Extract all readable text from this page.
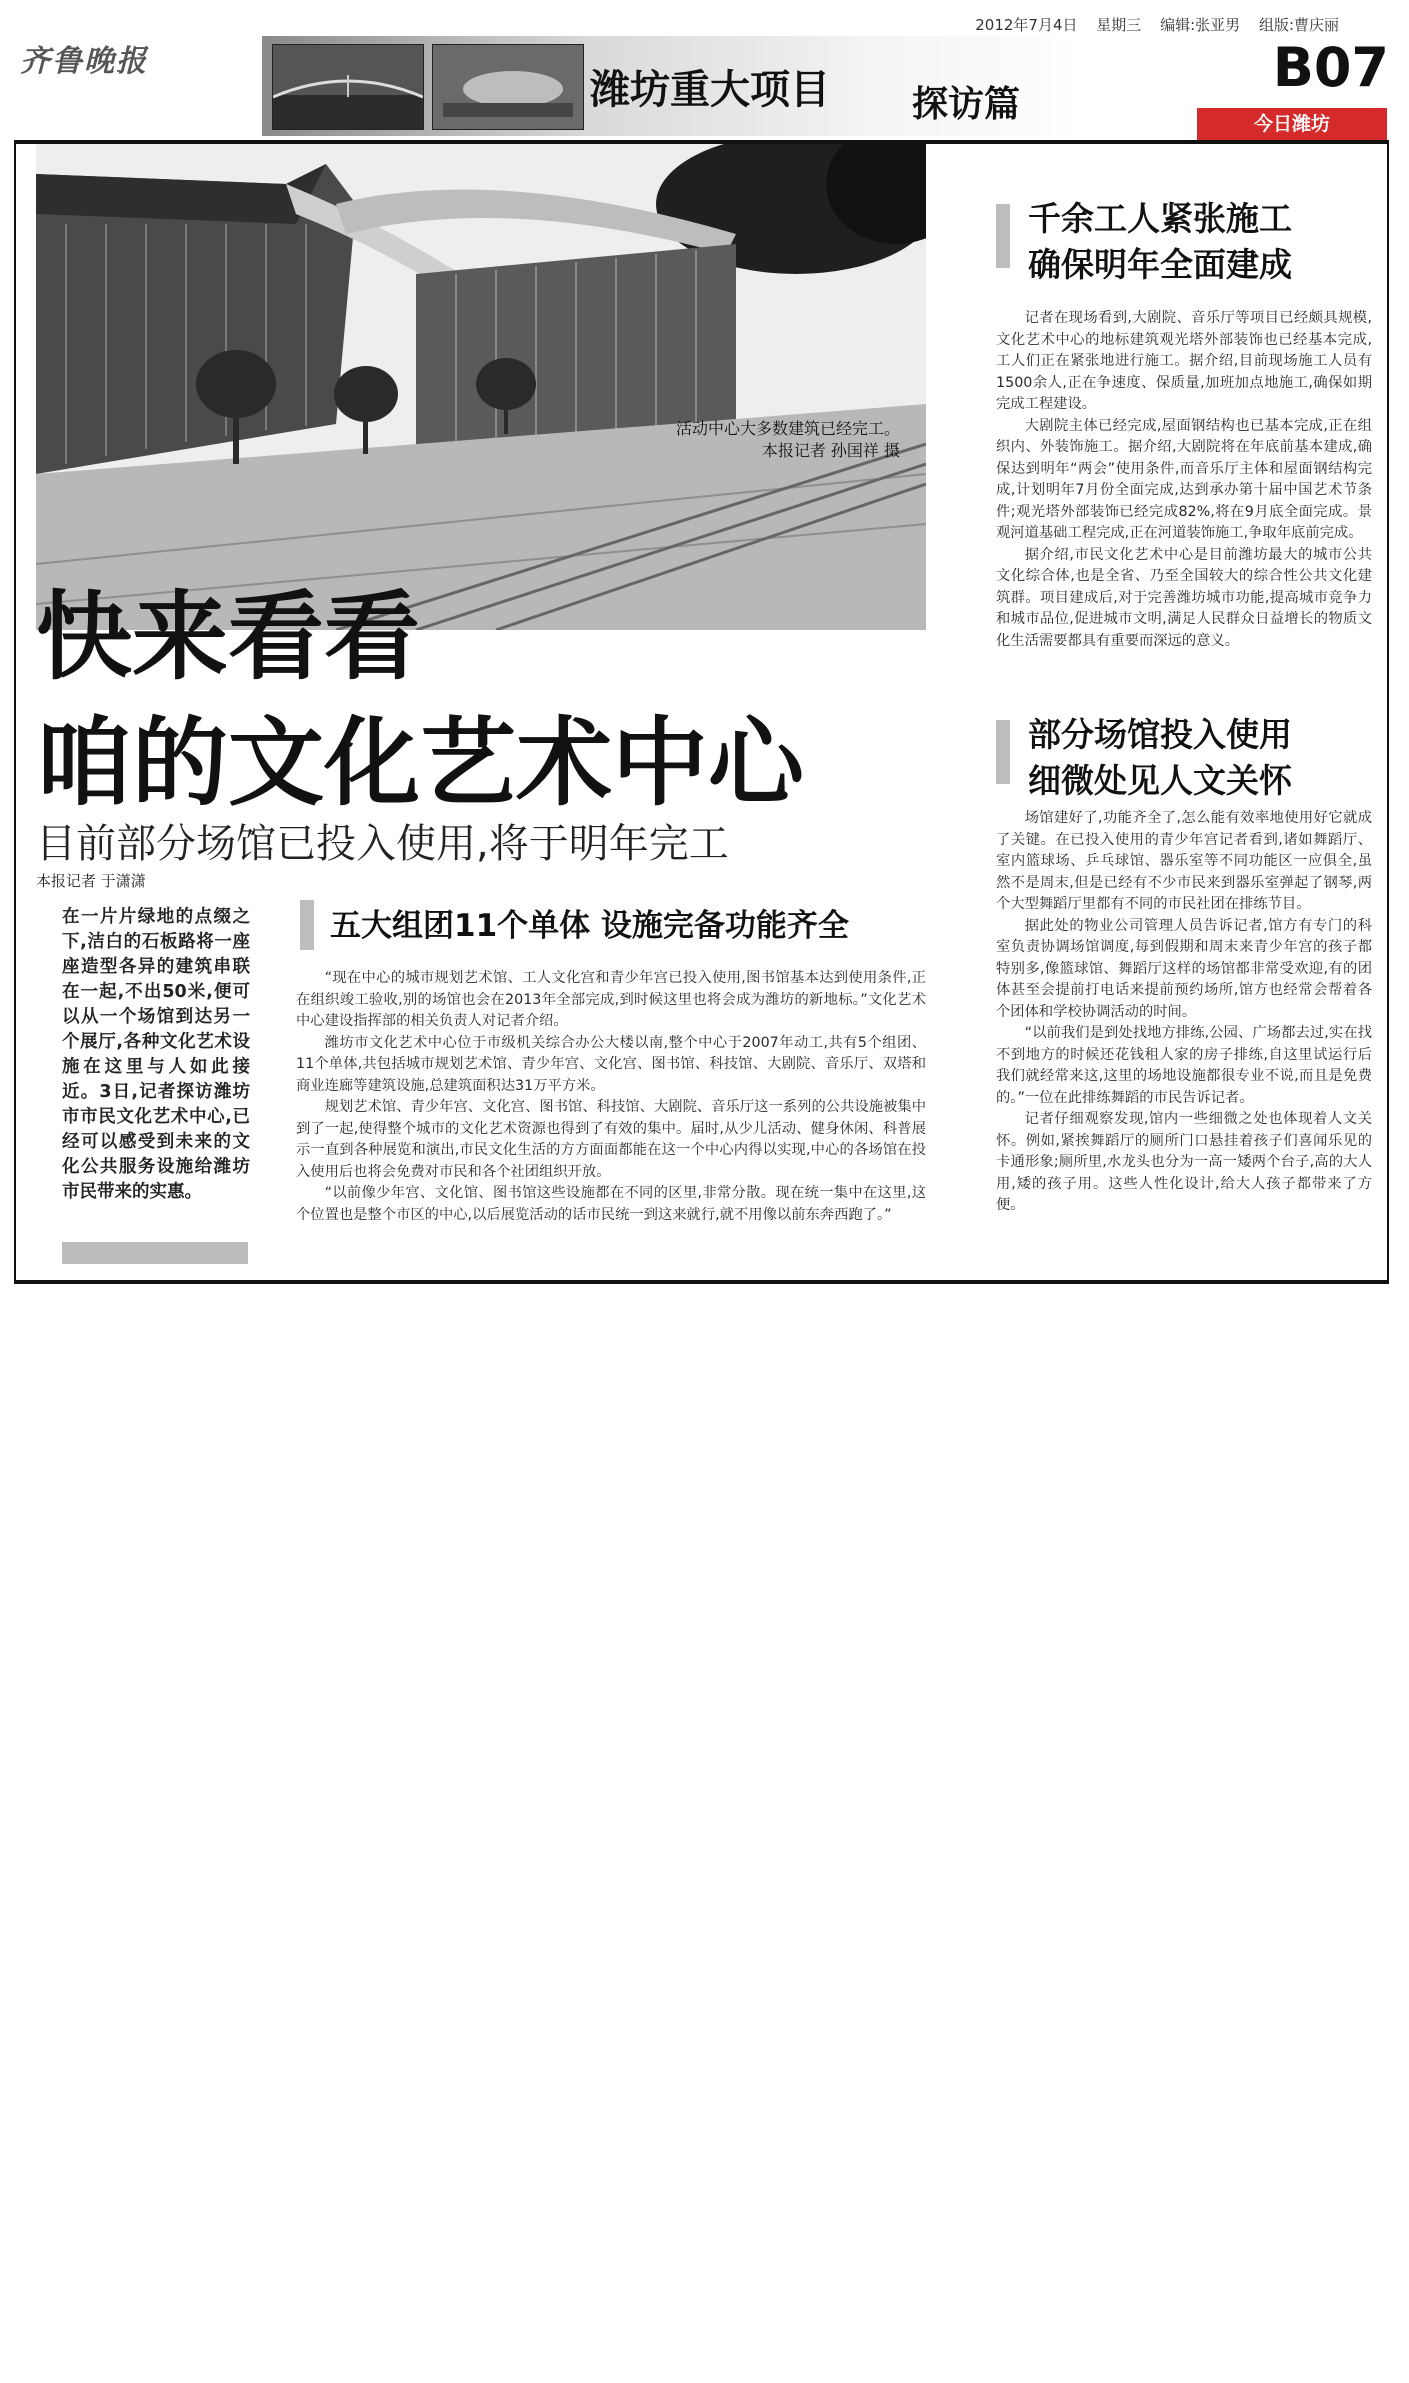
齐鲁晚报
2012年7月4日 星期三 编辑:张亚男 组版:曹庆丽
潍坊重大项目 探访篇
B07
今日潍坊
活动中心大多数建筑已经完工。
本报记者 孙国祥 摄
快来看看
咱的文化艺术中心
目前部分场馆已投入使用,将于明年完工
本报记者 于潇潇
在一片片绿地的点缀之下,洁白的石板路将一座座造型各异的建筑串联在一起,不出50米,便可以从一个场馆到达另一个展厅,各种文化艺术设施在这里与人如此接近。3日,记者探访潍坊市市民文化艺术中心,已经可以感受到未来的文化公共服务设施给潍坊市民带来的实惠。
五大组团11个单体 设施完备功能齐全

“现在中心的城市规划艺术馆、工人文化宫和青少年宫已投入使用,图书馆基本达到使用条件,正在组织竣工验收,别的场馆也会在2013年全部完成,到时候这里也将会成为潍坊的新地标。”文化艺术中心建设指挥部的相关负责人对记者介绍。

潍坊市文化艺术中心位于市级机关综合办公大楼以南,整个中心于2007年动工,共有5个组团、11个单体,共包括城市规划艺术馆、青少年宫、文化宫、图书馆、科技馆、大剧院、音乐厅、双塔和商业连廊等建筑设施,总建筑面积达31万平方米。

规划艺术馆、青少年宫、文化宫、图书馆、科技馆、大剧院、音乐厅这一系列的公共设施被集中到了一起,使得整个城市的文化艺术资源也得到了有效的集中。届时,从少儿活动、健身休闲、科普展示一直到各种展览和演出,市民文化生活的方方面面都能在这一个中心内得以实现,中心的各场馆在投入使用后也将会免费对市民和各个社团组织开放。

“以前像少年宫、文化馆、图书馆这些设施都在不同的区里,非常分散。现在统一集中在这里,这个位置也是整个市区的中心,以后展览活动的话市民统一到这来就行,就不用像以前东奔西跑了。”

千余工人紧张施工
确保明年全面建成

记者在现场看到,大剧院、音乐厅等项目已经颇具规模,文化艺术中心的地标建筑观光塔外部装饰也已经基本完成,工人们正在紧张地进行施工。据介绍,目前现场施工人员有1500余人,正在争速度、保质量,加班加点地施工,确保如期完成工程建设。

大剧院主体已经完成,屋面钢结构也已基本完成,正在组织内、外装饰施工。据介绍,大剧院将在年底前基本建成,确保达到明年“两会”使用条件,而音乐厅主体和屋面钢结构完成,计划明年7月份全面完成,达到承办第十届中国艺术节条件;观光塔外部装饰已经完成82%,将在9月底全面完成。景观河道基础工程完成,正在河道装饰施工,争取年底前完成。

据介绍,市民文化艺术中心是目前潍坊最大的城市公共文化综合体,也是全省、乃至全国较大的综合性公共文化建筑群。项目建成后,对于完善潍坊城市功能,提高城市竞争力和城市品位,促进城市文明,满足人民群众日益增长的物质文化生活需要都具有重要而深远的意义。

部分场馆投入使用
细微处见人文关怀

场馆建好了,功能齐全了,怎么能有效率地使用好它就成了关键。在已投入使用的青少年宫记者看到,诸如舞蹈厅、室内篮球场、乒乓球馆、器乐室等不同功能区一应俱全,虽然不是周末,但是已经有不少市民来到器乐室弹起了钢琴,两个大型舞蹈厅里都有不同的市民社团在排练节目。

据此处的物业公司管理人员告诉记者,馆方有专门的科室负责协调场馆调度,每到假期和周末来青少年宫的孩子都特别多,像篮球馆、舞蹈厅这样的场馆都非常受欢迎,有的团体甚至会提前打电话来提前预约场所,馆方也经常会帮着各个团体和学校协调活动的时间。

“以前我们是到处找地方排练,公园、广场都去过,实在找不到地方的时候还花钱租人家的房子排练,自这里试运行后我们就经常来这,这里的场地设施都很专业不说,而且是免费的。”一位在此排练舞蹈的市民告诉记者。

记者仔细观察发现,馆内一些细微之处也体现着人文关怀。例如,紧挨舞蹈厅的厕所门口悬挂着孩子们喜闻乐见的卡通形象;厕所里,水龙头也分为一高一矮两个台子,高的大人用,矮的孩子用。这些人性化设计,给大人孩子都带来了方便。
